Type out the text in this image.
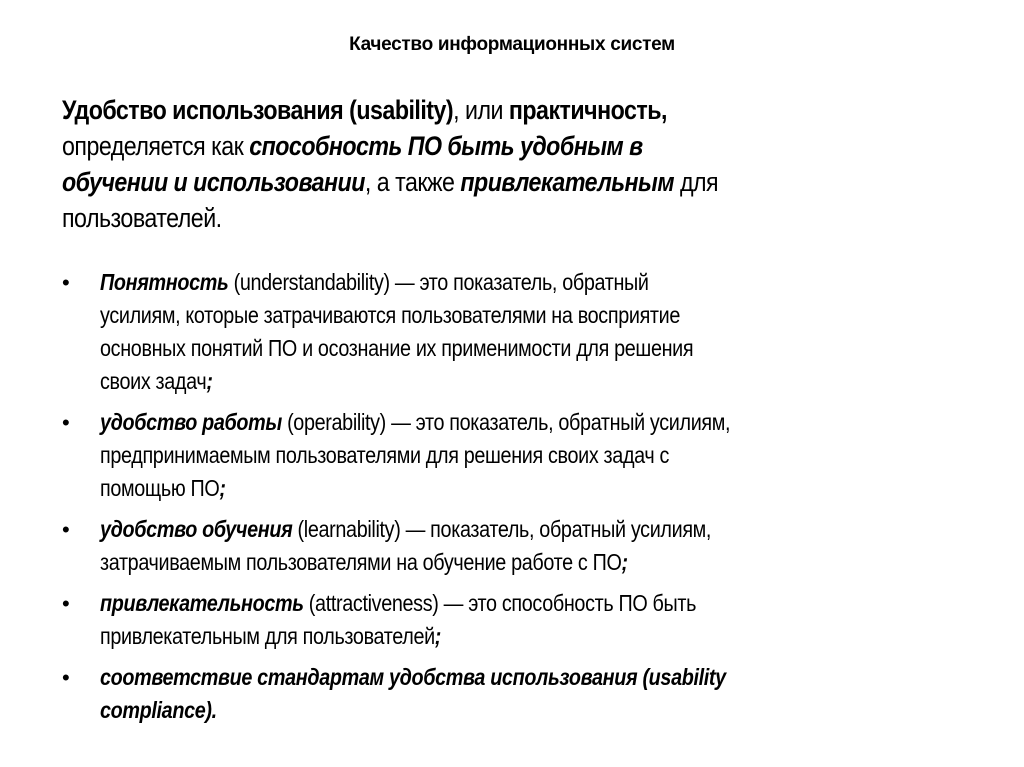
Качество информационных систем
Удобство использования (usability), или практичность,
определяется как способность ПО быть удобным в
обучении и использовании, а также привлекательным для
пользователей.
• Понятность (understandability) — это показатель, обратный
усилиям, которые затрачиваются пользователями на восприятие
основных понятий ПО и осознание их применимости для решения
своих задач;
• удобство работы (operability) — это показатель, обратный усилиям,
предпринимаемым пользователями для решения своих задач с
помощью ПО;
• удобство обучения (learnability) — показатель, обратный усилиям,
затрачиваемым пользователями на обучение работе с ПО;
• привлекательность (attractiveness) — это способность ПО быть
привлекательным для пользователей;
• соответствие стандартам удобства использования (usability
compliance).
